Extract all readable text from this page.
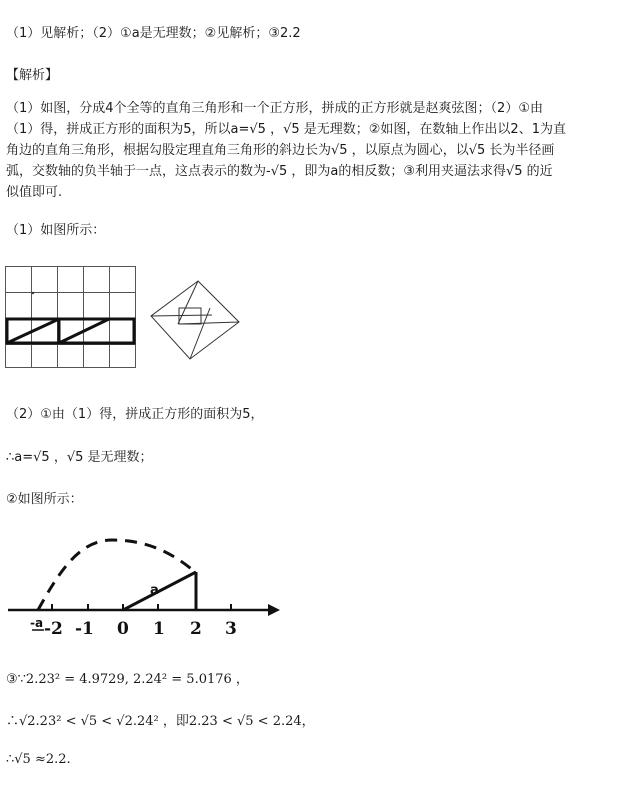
（1）见解析；（2）①a是无理数；②见解析；③2.2
【解析】
（1）如图，分成4个全等的直角三角形和一个正方形，拼成的正方形就是赵爽弦图；（2）①由
（1）得，拼成正方形的面积为5，所以a=√5 ，√5 是无理数；②如图，在数轴上作出以2、1为直
角边的直角三角形，根据勾股定理直角三角形的斜边长为√5 ，以原点为圆心，以√5 长为半径画
弧，交数轴的负半轴于一点，这点表示的数为-√5 ，即为a的相反数；③利用夹逼法求得√5 的近
似值即可.
（1）如图所示：
（2）①由（1）得，拼成正方形的面积为5，
∴a=√5 ，√5 是无理数；
②如图所示：
-2 -1 0 1 2 3
-a
a
③∵2.23² = 4.9729, 2.24² = 5.0176 ，
∴√2.23² < √5 < √2.24² ，即2.23 < √5 < 2.24，
∴√5 ≈2.2.
